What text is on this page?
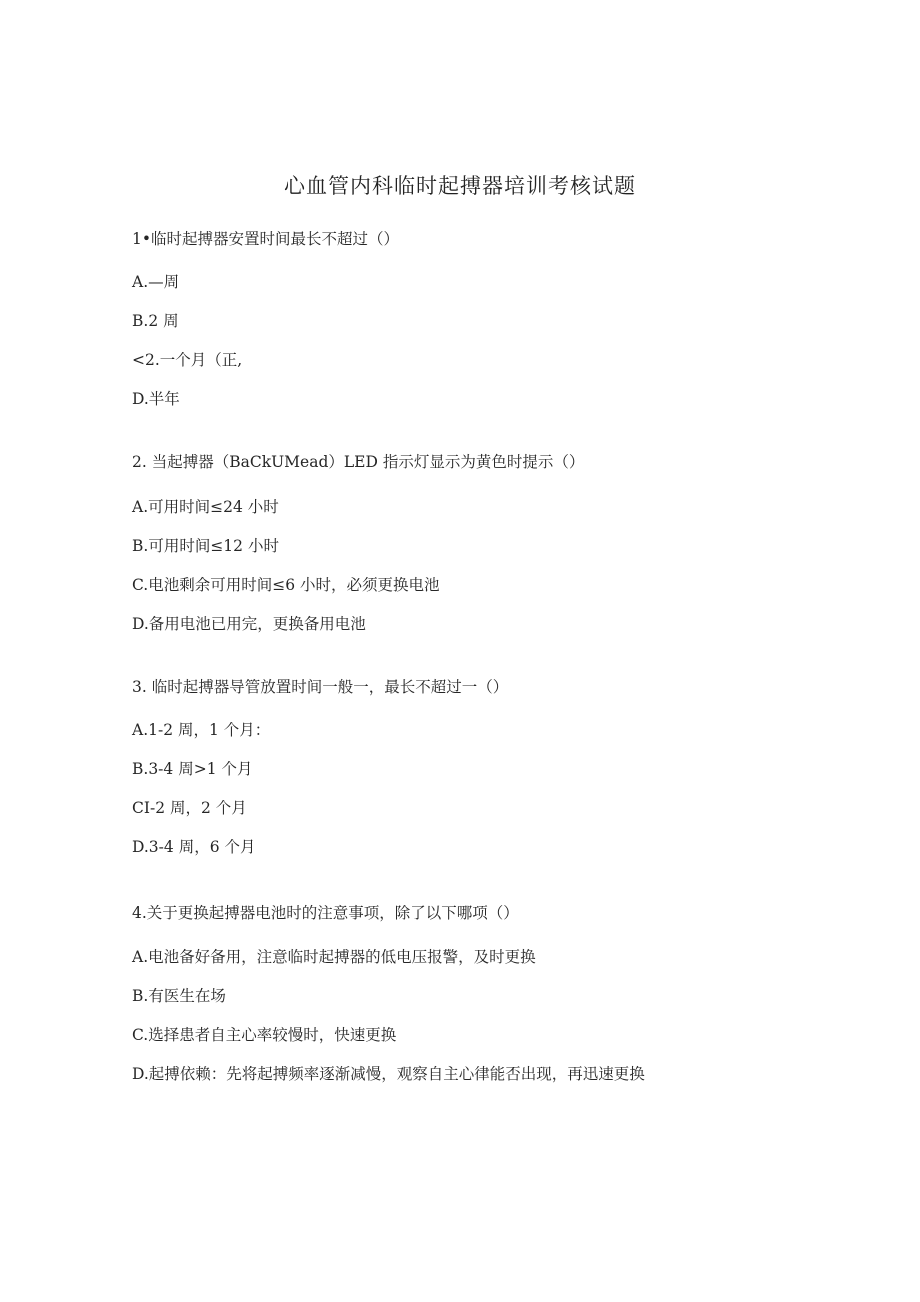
心血管内科临时起搏器培训考核试题
1•临时起搏器安置时间最长不超过（）
A.—周
B.2 周
<2.一个月（正,
D.半年
2. 当起搏器（BaCkUMead）LED 指示灯显示为黄色时提示（）
A.可用时间≤24 小时
B.可用时间≤12 小时
C.电池剩余可用时间≤6 小时，必须更换电池
D.备用电池已用完，更换备用电池
3. 临时起搏器导管放置时间一般一，最长不超过一（）
A.1-2 周，1 个月：
B.3-4 周>1 个月
CI-2 周，2 个月
D.3-4 周，6 个月
4.关于更换起搏器电池时的注意事项，除了以下哪项（）
A.电池备好备用，注意临时起搏器的低电压报警，及时更换
B.有医生在场
C.选择患者自主心率较慢时，快速更换
D.起搏依赖：先将起搏频率逐渐减慢，观察自主心律能否出现，再迅速更换
